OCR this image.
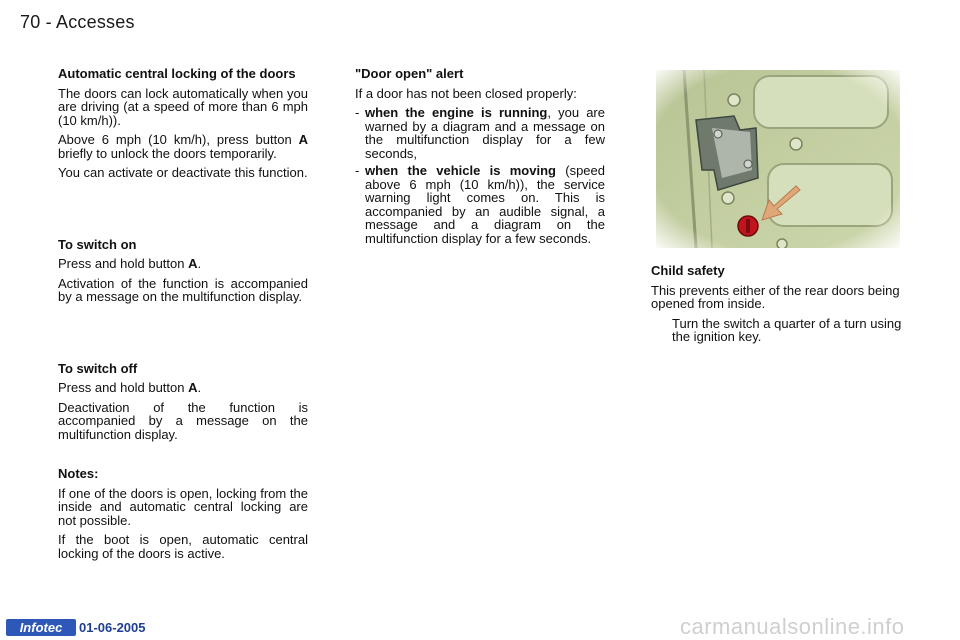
70 - Accesses
Automatic central locking of the doors

The doors can lock automatically when you are driving (at a speed of more than 6 mph (10 km/h)).

Above 6 mph (10 km/h), press button A briefly to unlock the doors temporarily.

You can activate or deactivate this function.

To switch on

Press and hold button A.

Activation of the function is accompanied by a message on the multifunction display.

To switch off

Press and hold button A.

Deactivation of the function is accompanied by a message on the multifunction display.

Notes:

If one of the doors is open, locking from the inside and automatic central locking are not possible.

If the boot is open, automatic central locking of the doors is active.

"Door open" alert

If a door has not been closed properly:

- when the engine is running, you are warned by a diagram and a message on the multifunction display for a few seconds,
- when the vehicle is moving (speed above 6 mph (10 km/h)), the service warning light comes on. This is accompanied by an audible signal, a message and a diagram on the multifunction display for a few seconds.
Child safety

This prevents either of the rear doors being opened from inside.

Turn the switch a quarter of a turn using the ignition key.
Infotec	01-06-2005	carmanualsonline.info
